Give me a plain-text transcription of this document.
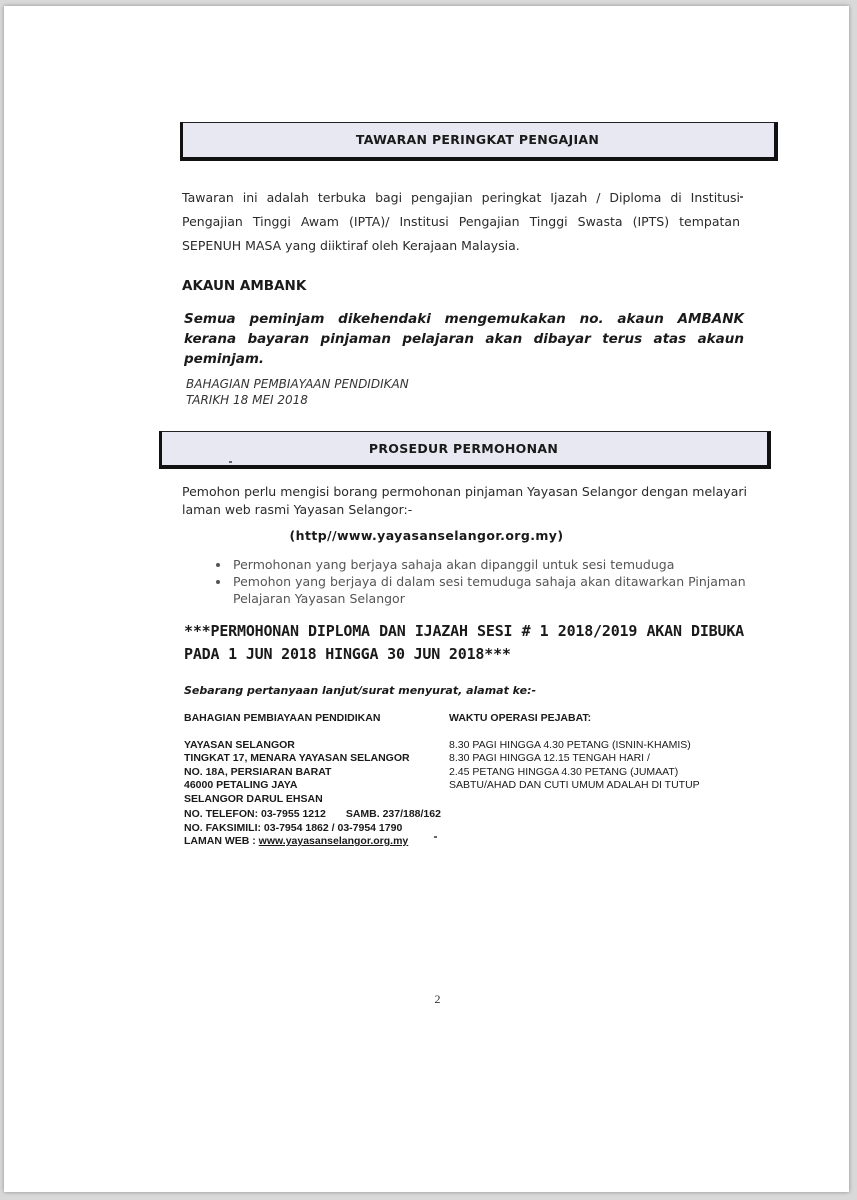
TAWARAN PERINGKAT PENGAJIAN
Tawaran ini adalah terbuka bagi pengajian peringkat Ijazah / Diploma di Institusi Pengajian Tinggi Awam (IPTA)/ Institusi Pengajian Tinggi Swasta (IPTS) tempatan SEPENUH MASA yang diiktiraf oleh Kerajaan Malaysia.
AKAUN AMBANK
Semua peminjam dikehendaki mengemukakan no. akaun AMBANK kerana bayaran pinjaman pelajaran akan dibayar terus atas akaun peminjam.
BAHAGIAN PEMBIAYAAN PENDIDIKAN
TARIKH 18 MEI 2018
PROSEDUR PERMOHONAN
Pemohon perlu mengisi borang permohonan pinjaman Yayasan Selangor dengan melayari laman web rasmi Yayasan Selangor:-
(http//www.yayasanselangor.org.my)
• Permohonan yang berjaya sahaja akan dipanggil untuk sesi temuduga
• Pemohon yang berjaya di dalam sesi temuduga sahaja akan ditawarkan Pinjaman Pelajaran Yayasan Selangor
***PERMOHONAN DIPLOMA DAN IJAZAH SESI # 1 2018/2019 AKAN DIBUKA PADA 1 JUN 2018 HINGGA 30 JUN 2018***
Sebarang pertanyaan lanjut/surat menyurat, alamat ke:-
BAHAGIAN PEMBIAYAAN PENDIDIKAN
YAYASAN SELANGOR
TINGKAT 17, MENARA YAYASAN SELANGOR
NO. 18A, PERSIARAN BARAT
46000 PETALING JAYA
SELANGOR DARUL EHSAN
WAKTU OPERASI PEJABAT:
8.30 PAGI HINGGA 4.30 PETANG (ISNIN-KHAMIS)
8.30 PAGI HINGGA 12.15 TENGAH HARI /
2.45 PETANG HINGGA 4.30 PETANG (JUMAAT)
SABTU/AHAD DAN CUTI UMUM ADALAH DI TUTUP
NO. TELEFON: 03-7955 1212 SAMB. 237/188/162
NO. FAKSIMILI: 03-7954 1862 / 03-7954 1790
LAMAN WEB : www.yayasanselangor.org.my
2
